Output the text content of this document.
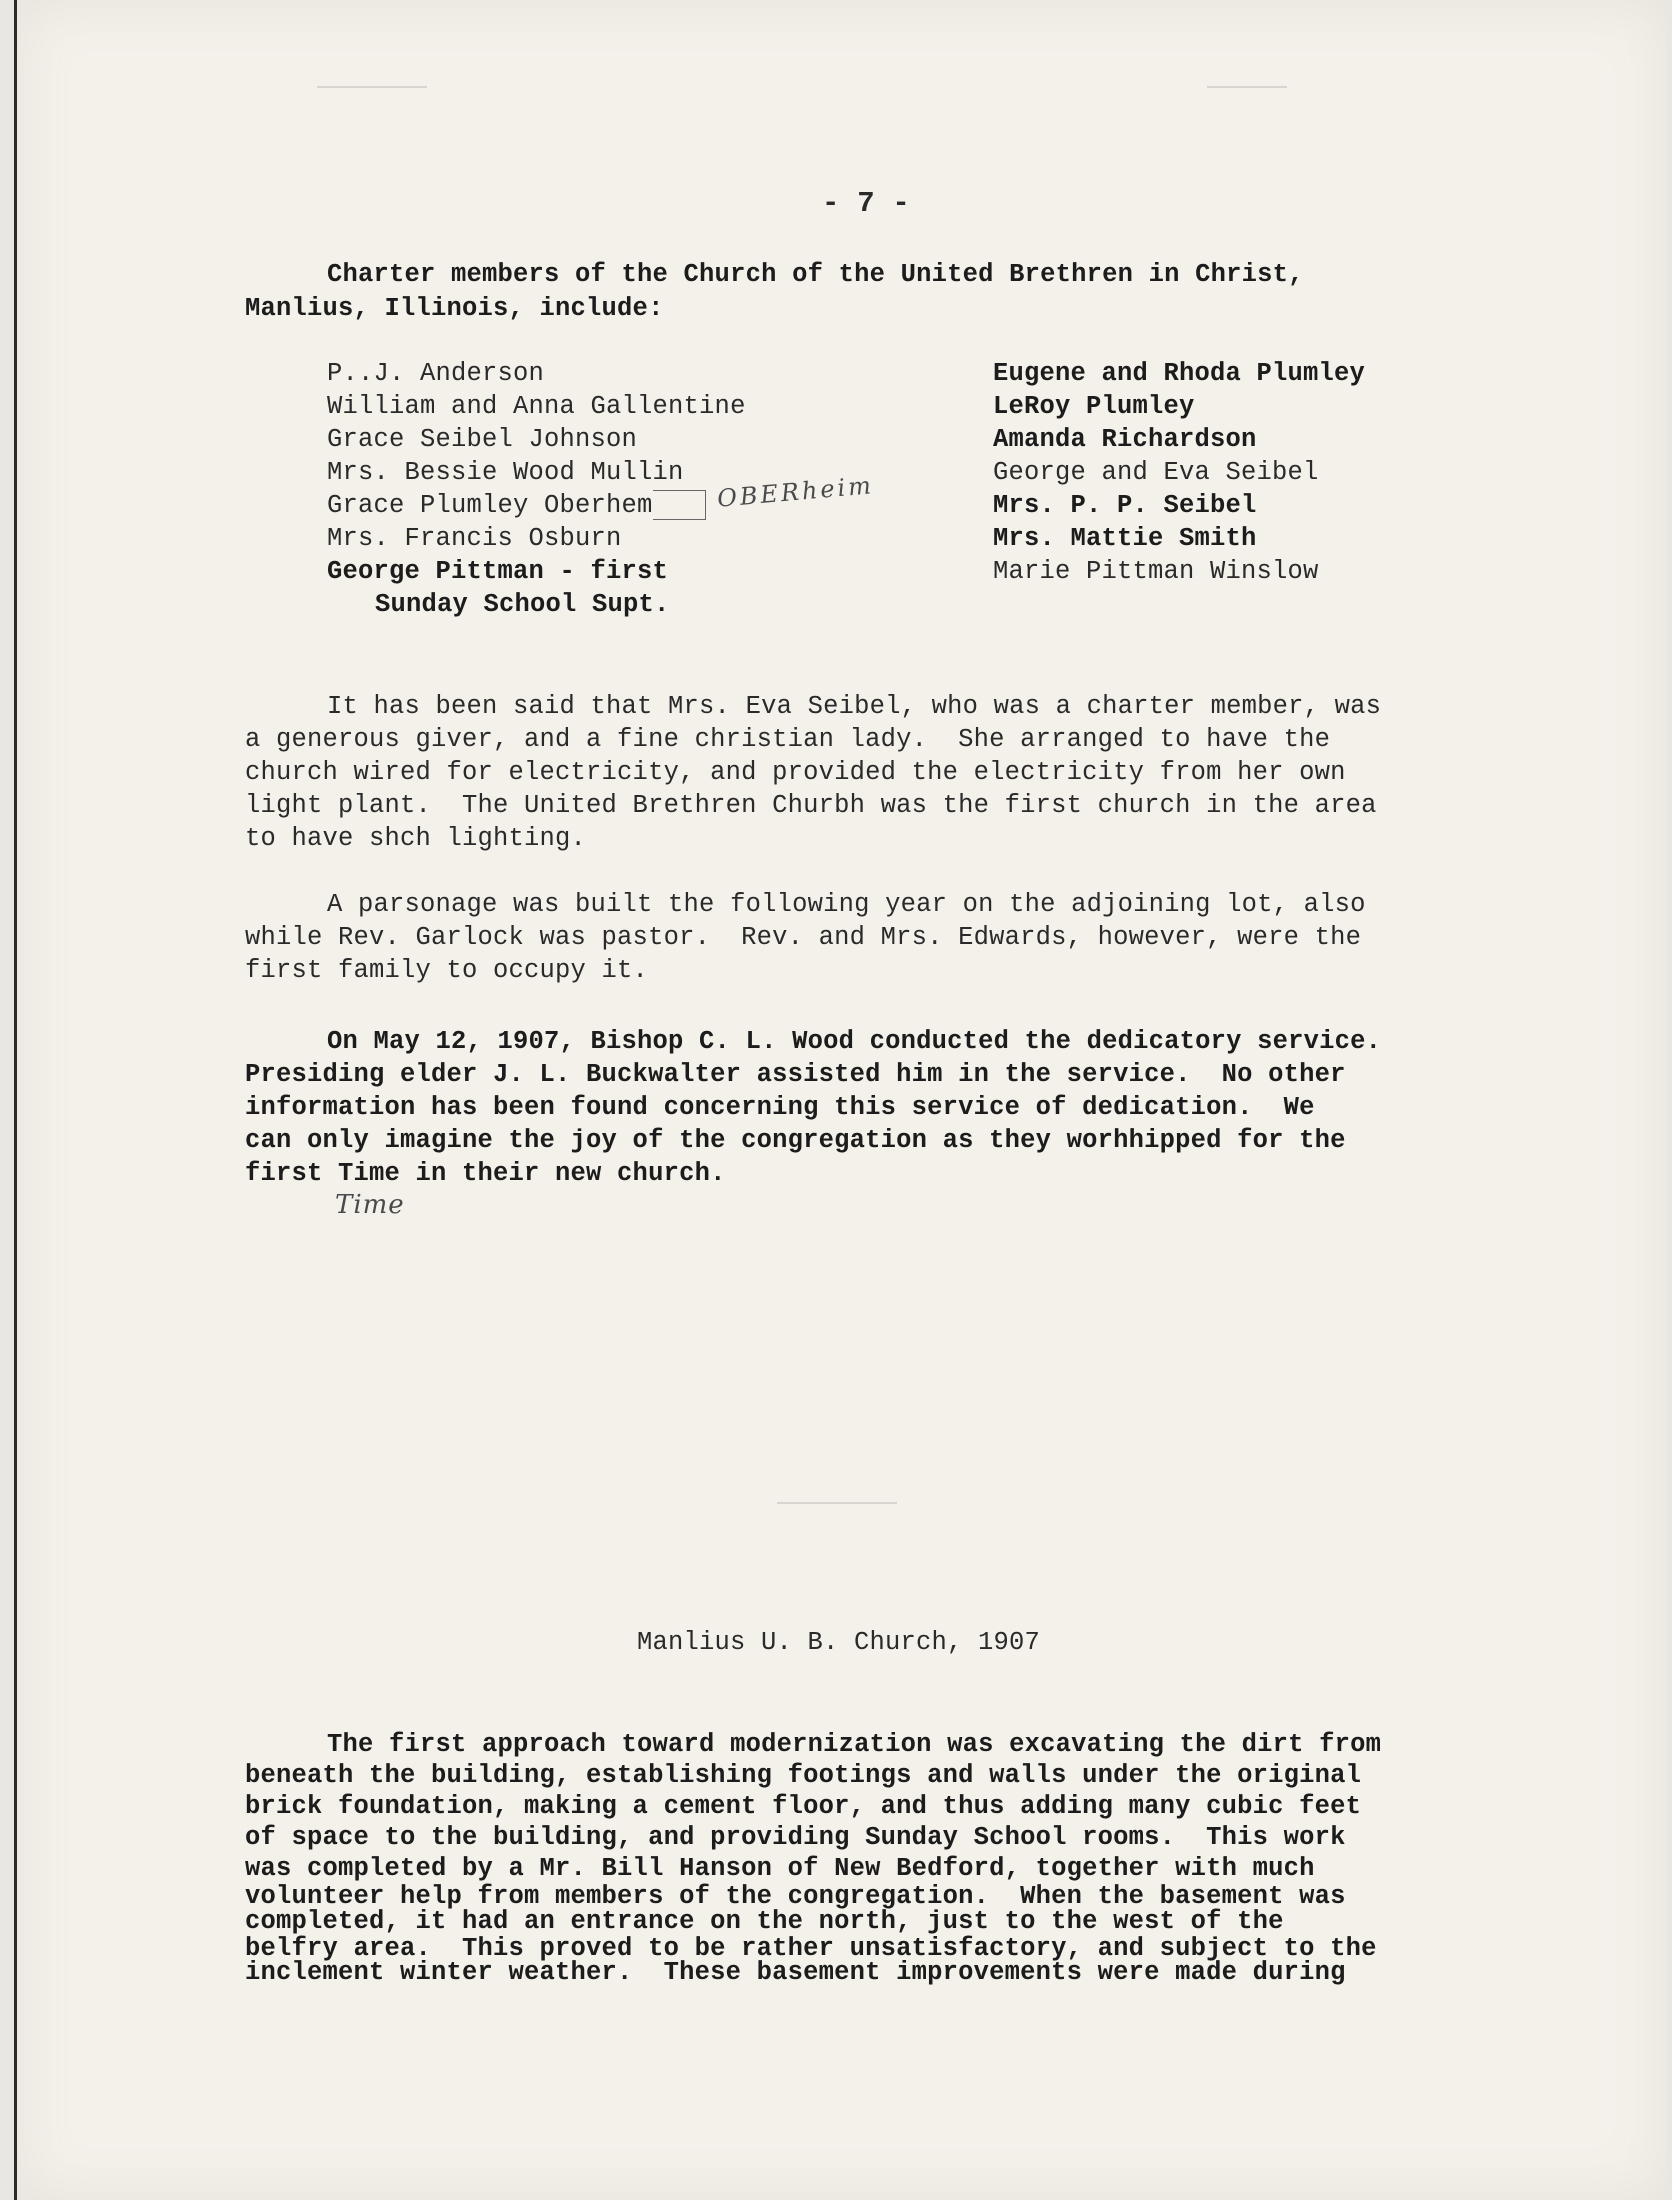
- 7 -
Charter members of the Church of the United Brethren in Christ,
Manlius, Illinois, include:
P..J. Anderson
William and Anna Gallentine
Grace Seibel Johnson
Mrs. Bessie Wood Mullin
Grace Plumley Oberhem
Mrs. Francis Osburn
George Pittman - first
Sunday School Supt.
OBERheim
Eugene and Rhoda Plumley
LeRoy Plumley
Amanda Richardson
George and Eva Seibel
Mrs. P. P. Seibel
Mrs. Mattie Smith
Marie Pittman Winslow
It has been said that Mrs. Eva Seibel, who was a charter member, was
a generous giver, and a fine christian lady.  She arranged to have the
church wired for electricity, and provided the electricity from her own
light plant.  The United Brethren Churbh was the first church in the area
to have shch lighting.
A parsonage was built the following year on the adjoining lot, also
while Rev. Garlock was pastor.  Rev. and Mrs. Edwards, however, were the
first family to occupy it.
On May 12, 1907, Bishop C. L. Wood conducted the dedicatory service.
Presiding elder J. L. Buckwalter assisted him in the service.  No other
information has been found concerning this service of dedication.  We
can only imagine the joy of the congregation as they worhhipped for the
first Time in their new church.
Time
Manlius U. B. Church, 1907
The first approach toward modernization was excavating the dirt from
beneath the building, establishing footings and walls under the original
brick foundation, making a cement floor, and thus adding many cubic feet
of space to the building, and providing Sunday School rooms.  This work
was completed by a Mr. Bill Hanson of New Bedford, together with much
volunteer help from members of the congregation.  When the basement was
completed, it had an entrance on the north, just to the west of the
belfry area.  This proved to be rather unsatisfactory, and subject to the
inclement winter weather.  These basement improvements were made during
